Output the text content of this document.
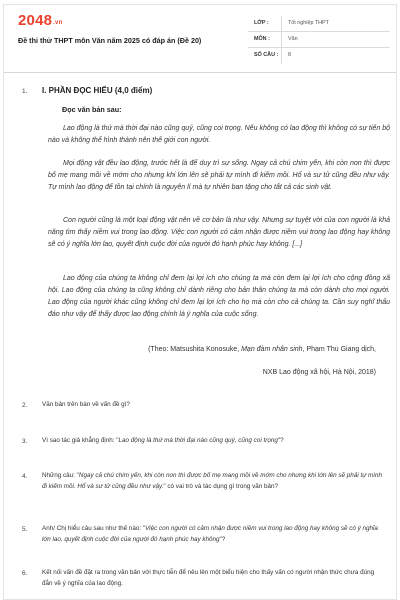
2048.vn
Đề thi thử THPT môn Văn năm 2025 có đáp án (Đề 20)
LỚP :	Tốt nghiệp THPT
MÔN :	Văn
SỐ CÂU : 8
1. I. PHẦN ĐỌC HIỂU (4,0 điểm)
Đọc văn bản sau:
Lao động là thứ mà thời đại nào cũng quý, cũng coi trọng. Nếu không có lao động thì không có sự tiến bộ nào và không thể hình thành nên thế giới con người.
Mọi động vật đều lao động, trước hết là để duy trì sự sống. Ngay cả chú chim yến, khi còn non thì được bố mẹ mang mồi về mớm cho nhưng khi lớn lên sẽ phải tự mình đi kiếm mồi. Hổ và sư tử cũng đều như vậy. Tự mình lao động để tồn tại chính là nguyên lí mà tự nhiên ban tặng cho tất cả các sinh vật.
Con người cũng là một loại động vật nên về cơ bản là như vậy. Nhưng sự tuyệt vời của con người là khả năng tìm thấy niềm vui trong lao động. Việc con người có cảm nhận được niềm vui trong lao động hay không sẽ có ý nghĩa lớn lao, quyết định cuộc đời của người đó hạnh phúc hay không. [...]
Lao động của chúng ta không chỉ đem lại lợi ích cho chúng ta mà còn đem lại lợi ích cho cộng đồng xã hội. Lao động của chúng ta cũng không chỉ dành riêng cho bản thân chúng ta mà còn dành cho mọi người. Lao động của người khác cũng không chỉ đem lại lợi ích cho họ mà còn cho cả chúng ta. Cần suy nghĩ thấu đáo như vậy để thấy được lao động chính là ý nghĩa của cuộc sống.
(Theo: Matsushita Konosuke, Mạn đàm nhân sinh, Phạm Thu Giang dịch,
NXB Lao động xã hội, Hà Nội, 2018)
2. Văn bản trên bàn về vấn đề gì?
3. Vì sao tác giả khẳng định: "Lao động là thứ mà thời đại nào cũng quý, cũng coi trọng"?
4. Những câu: "Ngay cả chú chim yến, khi còn non thì được bố mẹ mang mồi về mớm cho nhưng khi lớn lên sẽ phải tự mình đi kiếm mồi. Hổ và sư tử cũng đều như vậy." có vai trò và tác dụng gì trong văn bản?
5. Anh/ Chị hiểu câu sau như thế nào: "Việc con người có cảm nhận được niềm vui trong lao động hay không sẽ có ý nghĩa lớn lao, quyết định cuộc đời của người đó hạnh phúc hay không"?
6. Kết nối vấn đề đặt ra trong văn bản với thực tiễn để nêu lên một biểu hiện cho thấy vấn có người nhận thức chưa đúng đắn về ý nghĩa của lao động.
